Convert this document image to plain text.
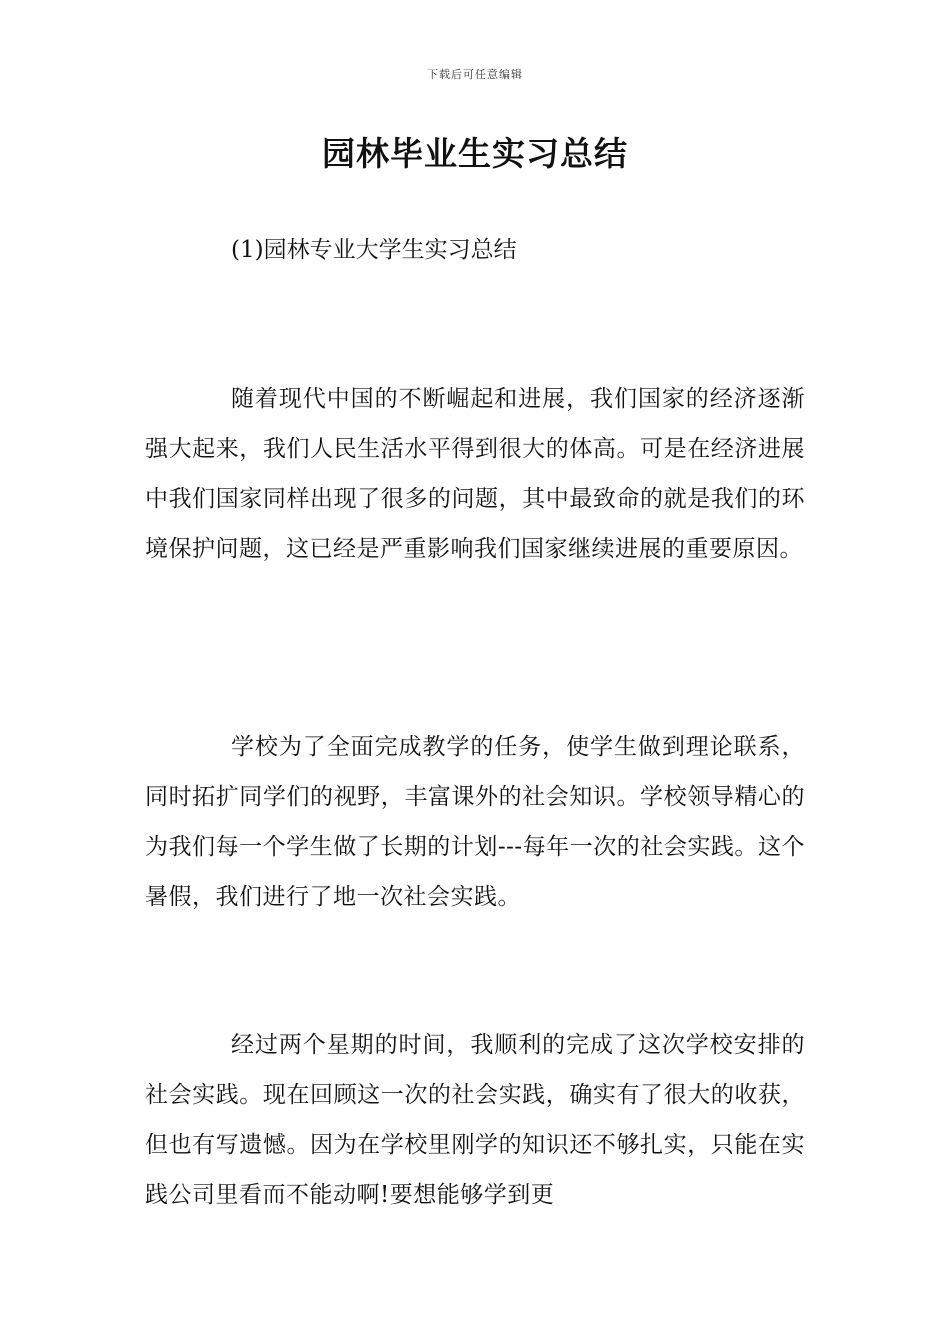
下载后可任意编辑
园林毕业生实习总结
(1)园林专业大学生实习总结

随着现代中国的不断崛起和进展，我们国家的经济逐渐强大起来，我们人民生活水平得到很大的体高。可是在经济进展中我们国家同样出现了很多的问题，其中最致命的就是我们的环境保护问题，这已经是严重影响我们国家继续进展的重要原因。

学校为了全面完成教学的任务，使学生做到理论联系，同时拓扩同学们的视野，丰富课外的社会知识。学校领导精心的为我们每一个学生做了长期的计划---每年一次的社会实践。这个暑假，我们进行了地一次社会实践。

经过两个星期的时间，我顺利的完成了这次学校安排的社会实践。现在回顾这一次的社会实践，确实有了很大的收获，但也有写遗憾。因为在学校里刚学的知识还不够扎实，只能在实践公司里看而不能动啊!要想能够学到更
